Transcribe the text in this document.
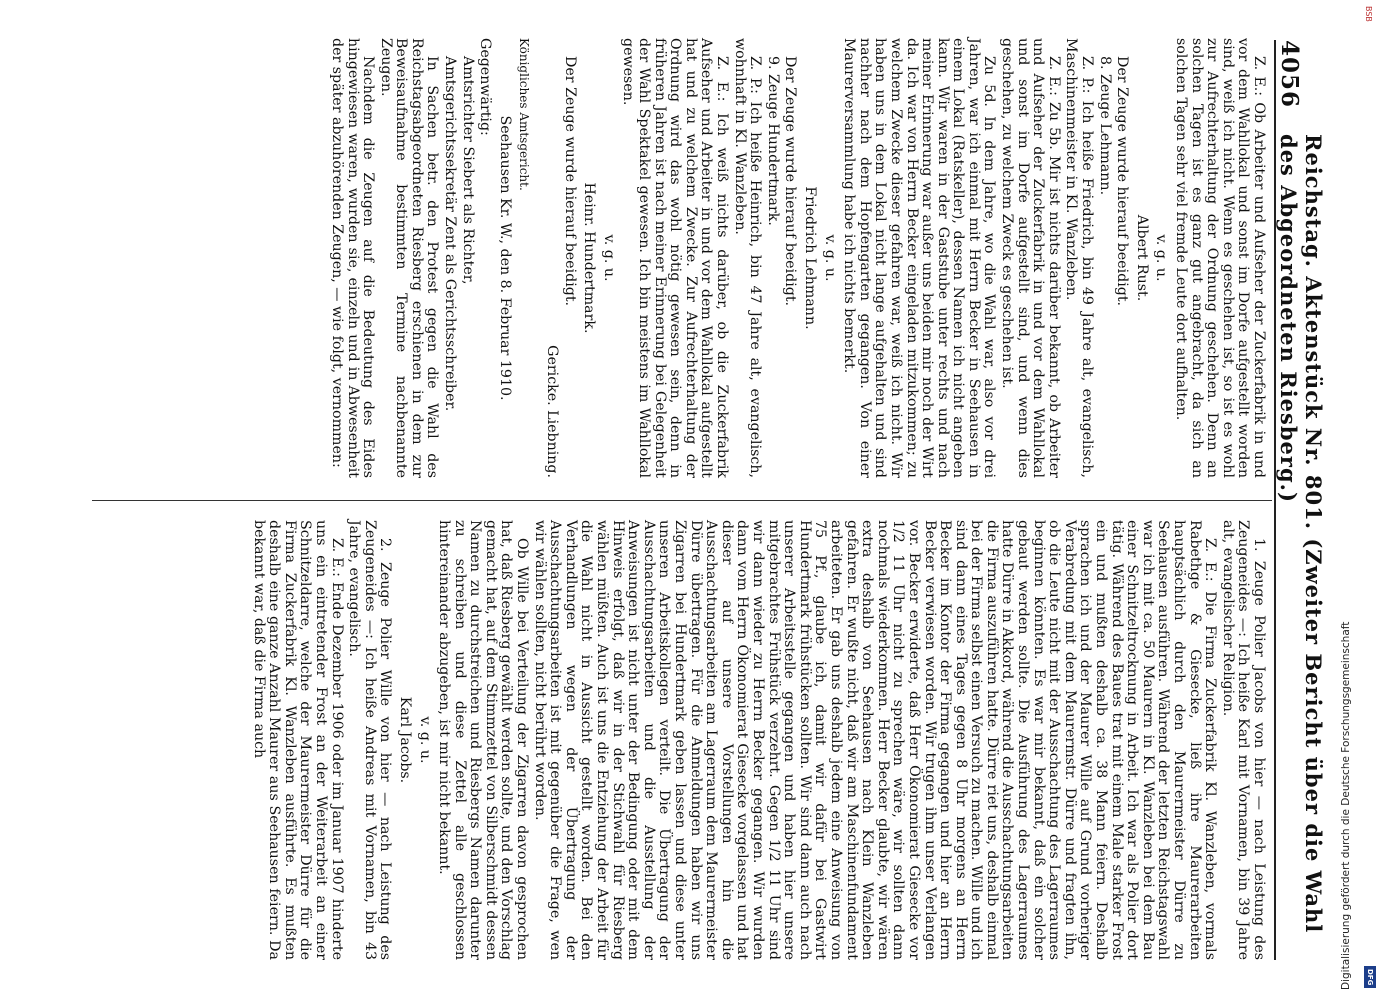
4056
Reichstag. Aktenstück Nr. 801. (Zweiter Bericht über die Wahl des Abgeordneten Riesberg.)

Z. E.: Ob Arbeiter und Aufseher der Zuckerfabrik in und vor dem Wahllokal und sonst im Dorfe aufgestellt worden sind, weiß ich nicht. Wenn es geschehen ist, so ist es wohl zur Aufrechterhaltung der Ordnung geschehen. Denn an solchen Tagen ist es ganz gut angebracht, da sich an solchen Tagen sehr viel fremde Leute dort aufhalten.

v. g. u.

Albert Rust.

Der Zeuge wurde hierauf beeidigt.

8. Zeuge Lehmann.

Z. P.: Ich heiße Friedrich, bin 49 Jahre alt, evangelisch, Maschinenmeister in Kl. Wanzleben.

Z. E.: Zu 5b. Mir ist nichts darüber bekannt, ob Arbeiter und Aufseher der Zuckerfabrik in und vor dem Wahllokal und sonst im Dorfe aufgestellt sind, und wenn dies geschehen, zu welchem Zweck es geschehen ist.

Zu 5d. In dem Jahre, wo die Wahl war, also vor drei Jahren, war ich einmal mit Herrn Becker in Seehausen in einem Lokal (Ratskeller), dessen Namen ich nicht angeben kann. Wir waren in der Gaststube unter rechts und nach meiner Erinnerung war außer uns beiden mir noch der Wirt da. Ich war von Herrn Becker eingeladen mitzukommen; zu welchem Zwecke dieser gefahren war, weiß ich nicht. Wir haben uns in dem Lokal nicht lange aufgehalten und sind nachher nach dem Hopfengarten gegangen. Von einer Maurerversammlung habe ich nichts bemerkt.

v. g. u.

Friedrich Lehmann.

Der Zeuge wurde hierauf beeidigt.

9. Zeuge Hundertmark.

Z. P.: Ich heiße Heinrich, bin 47 Jahre alt, evangelisch, wohnhaft in Kl. Wanzleben.

Z. E.: Ich weiß nichts darüber, ob die Zuckerfabrik Aufseher und Arbeiter in und vor dem Wahllokal aufgestellt hat und zu welchem Zwecke. Zur Aufrechterhaltung der Ordnung wird das wohl nötig gewesen sein, denn in früheren Jahren ist nach meiner Erinnerung bei Gelegenheit der Wahl Spektakel gewesen. Ich bin meistens im Wahllokal gewesen.

v. g. u.

Heinr. Hundertmark.

Der Zeuge wurde hierauf beeidigt.

Gericke. Liebning.

Königliches Amtsgericht.

Seehausen Kr. W., den 8. Februar 1910.

Gegenwärtig:

Amtsrichter Siebert als Richter,

Amtsgerichtssekretär Zent als Gerichtsschreiber.

In Sachen betr. den Protest gegen die Wahl des Reichstagsabgeordneten Riesberg erschienen in dem zur Beweisaufnahme bestimmten Termine nachbenannte Zeugen.

Nachdem die Zeugen auf die Bedeutung des Eides hingewiesen waren, wurden sie, einzeln und in Abwesenheit der später abzuhörenden Zeugen, — wie folgt, vernommen:

1. Zeuge Polier Jacobs von hier — nach Leistung des Zeugeneides —: Ich heiße Karl mit Vornamen, bin 39 Jahre alt, evangelischer Religion.

Z. E.: Die Firma Zuckerfabrik Kl. Wanzleben, vormals Rabethge & Giesecke, ließ ihre Maurerarbeiten hauptsächlich durch den Maurermeister Dürre zu Seehausen ausführen. Während der letzten Reichstagswahl war ich mit ca. 50 Maurern in Kl. Wanzleben bei dem Bau einer Schnitzeltrocknung in Arbeit. Ich war als Polier dort tätig. Während des Baues trat mit einem Male starker Frost ein und mußten deshalb ca. 38 Mann feiern. Deshalb sprachen ich und der Maurer Wille auf Grund vorheriger Verabredung mit dem Maurermstr. Dürre und fragten ihn, ob die Leute nicht mit der Ausschachtung des Lagerraumes beginnen könnten. Es war mir bekannt, daß ein solcher gebaut werden sollte. Die Ausführung des Lagerraumes hatte Dürre in Akkord, während die Ausschachtungsarbeiten die Firma auszuführen hatte. Dürre riet uns, deshalb einmal bei der Firma selbst einen Versuch zu machen. Wille und ich sind dann eines Tages gegen 8 Uhr morgens an Herrn Becker im Kontor der Firma gegangen und hier an Herrn Becker verwiesen worden. Wir trugen ihm unser Verlangen vor. Becker erwiderte, daß Herr Ökonomierat Giesecke vor 1/2 11 Uhr nicht zu sprechen wäre, wir sollten dann nochmals wiederkommen. Herr Becker glaubte, wir wären extra deshalb von Seehausen nach Klein Wanzleben gefahren. Er wußte nicht, daß wir am Maschinenfundament arbeiteten. Er gab uns deshalb jedem eine Anweisung von 75 Pf., glaube ich, damit wir dafür bei Gastwirt Hundertmark frühstücken sollten. Wir sind dann auch nach unserer Arbeitsstelle gegangen und haben hier unsere mitgebrachtes Frühstück verzehrt. Gegen 1/2 11 Uhr sind wir dann wieder zu Herrn Becker gegangen. Wir wurden dann vom Herrn Ökonomierat Giesecke vorgelassen und hat dieser auf unsere Vorstellungen hin die Ausschachtungsarbeiten am Lagerraum dem Maurermeister Dürre übertragen. Für die Anmeldungen haben wir uns Zigarren bei Hundertmark geben lassen und diese unter unseren Arbeitskollegen verteilt. Die Übertragung der Ausschachtungsarbeiten und die Ausstellung der Anweisungen ist nicht unter der Bedingung oder mit dem Hinweis erfolgt, daß wir in der Stichwahl für Riesberg wählen müßten. Auch ist uns die Entziehung der Arbeit für die Wahl nicht in Aussicht gestellt worden. Bei den Verhandlungen wegen der Übertragung der Ausschachtungsarbeiten ist mit gegenüber die Frage, wen wir wählen sollten, nicht berührt worden.

Ob Wille bei Verteilung der Zigarren davon gesprochen hat, daß Riesberg gewählt werden sollte, und den Vorschlag gemacht hat, auf dem Stimmzettel von Silberschmidt dessen Namen zu durchstreichen und Riesbergs Namen darunter zu schreiben und diese Zettel alle geschlossen hintereinander abzugeben, ist mir nicht bekannt.

v. g. u.

Karl Jacobs.

2. Zeuge Polier Wille von hier — nach Leistung des Zeugeneides —: Ich heiße Andreas mit Vornamen, bin 43 Jahre, evangelisch.

Z. E.: Ende Dezember 1906 oder im Januar 1907 hinderte uns ein eintretender Frost an der Weiterarbeit an einer Schnitzeldarre, welche der Maurermeister Dürre für die Firma Zuckerfabrik Kl. Wanzleben ausführte. Es mußten deshalb eine ganze Anzahl Maurer aus Seehausen feiern. Da bekannt war, daß die Firma auch	Digitalisierung gefördert durch die Deutsche Forschungsgemeinschaft DFG
BSB
